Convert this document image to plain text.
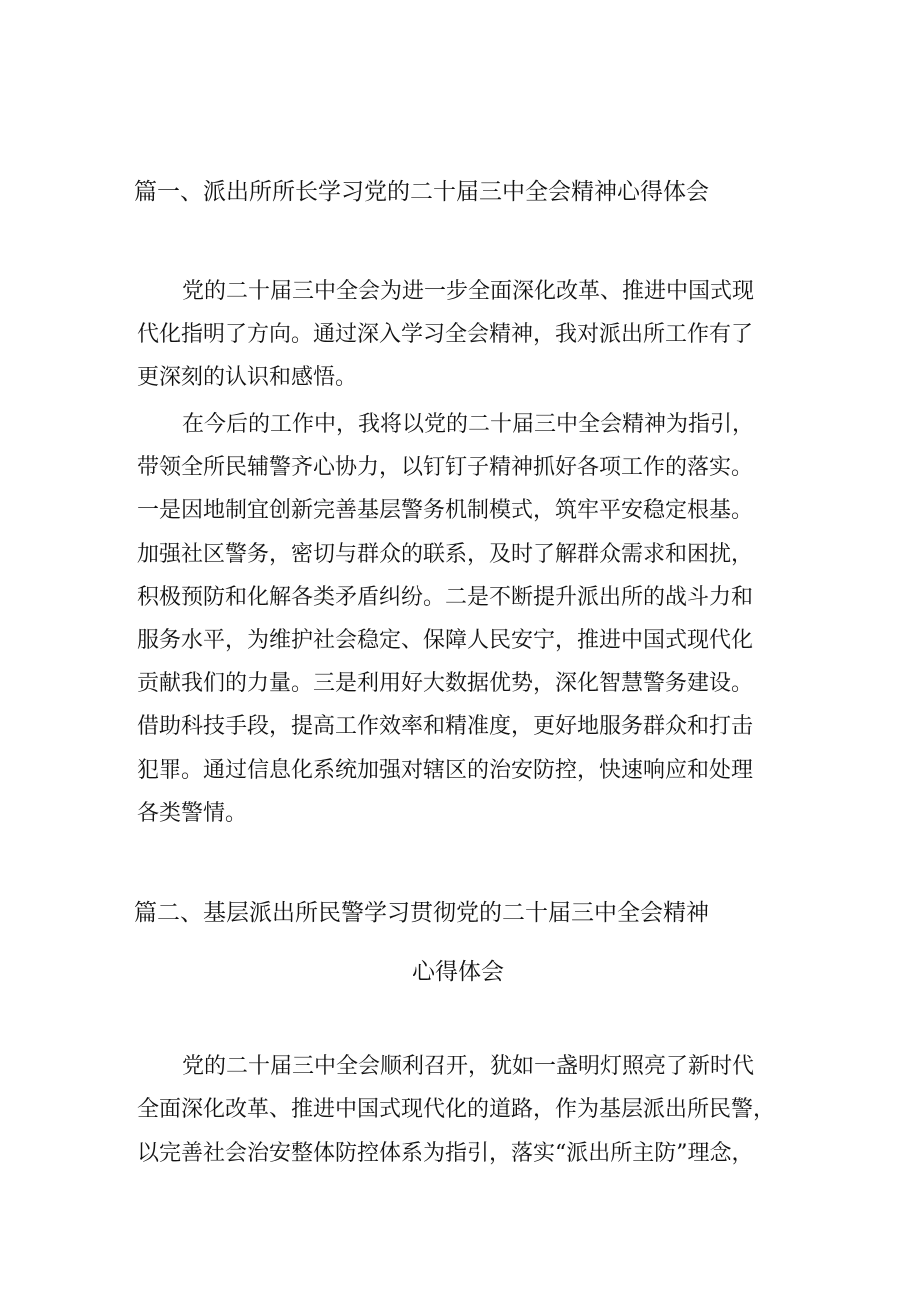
篇一、派出所所长学习党的二十届三中全会精神心得体会
党的二十届三中全会为进一步全面深化改革、推进中国式现
代化指明了方向。通过深入学习全会精神，我对派出所工作有了
更深刻的认识和感悟。
在今后的工作中，我将以党的二十届三中全会精神为指引，
带领全所民辅警齐心协力，以钉钉子精神抓好各项工作的落实。
一是因地制宜创新完善基层警务机制模式，筑牢平安稳定根基。
加强社区警务，密切与群众的联系，及时了解群众需求和困扰，
积极预防和化解各类矛盾纠纷。二是不断提升派出所的战斗力和
服务水平，为维护社会稳定、保障人民安宁，推进中国式现代化
贡献我们的力量。三是利用好大数据优势，深化智慧警务建设。
借助科技手段，提高工作效率和精准度，更好地服务群众和打击
犯罪。通过信息化系统加强对辖区的治安防控，快速响应和处理
各类警情。
篇二、基层派出所民警学习贯彻党的二十届三中全会精神
心得体会
党的二十届三中全会顺利召开，犹如一盏明灯照亮了新时代
全面深化改革、推进中国式现代化的道路，作为基层派出所民警，
以完善社会治安整体防控体系为指引，落实“派出所主防”理念，
